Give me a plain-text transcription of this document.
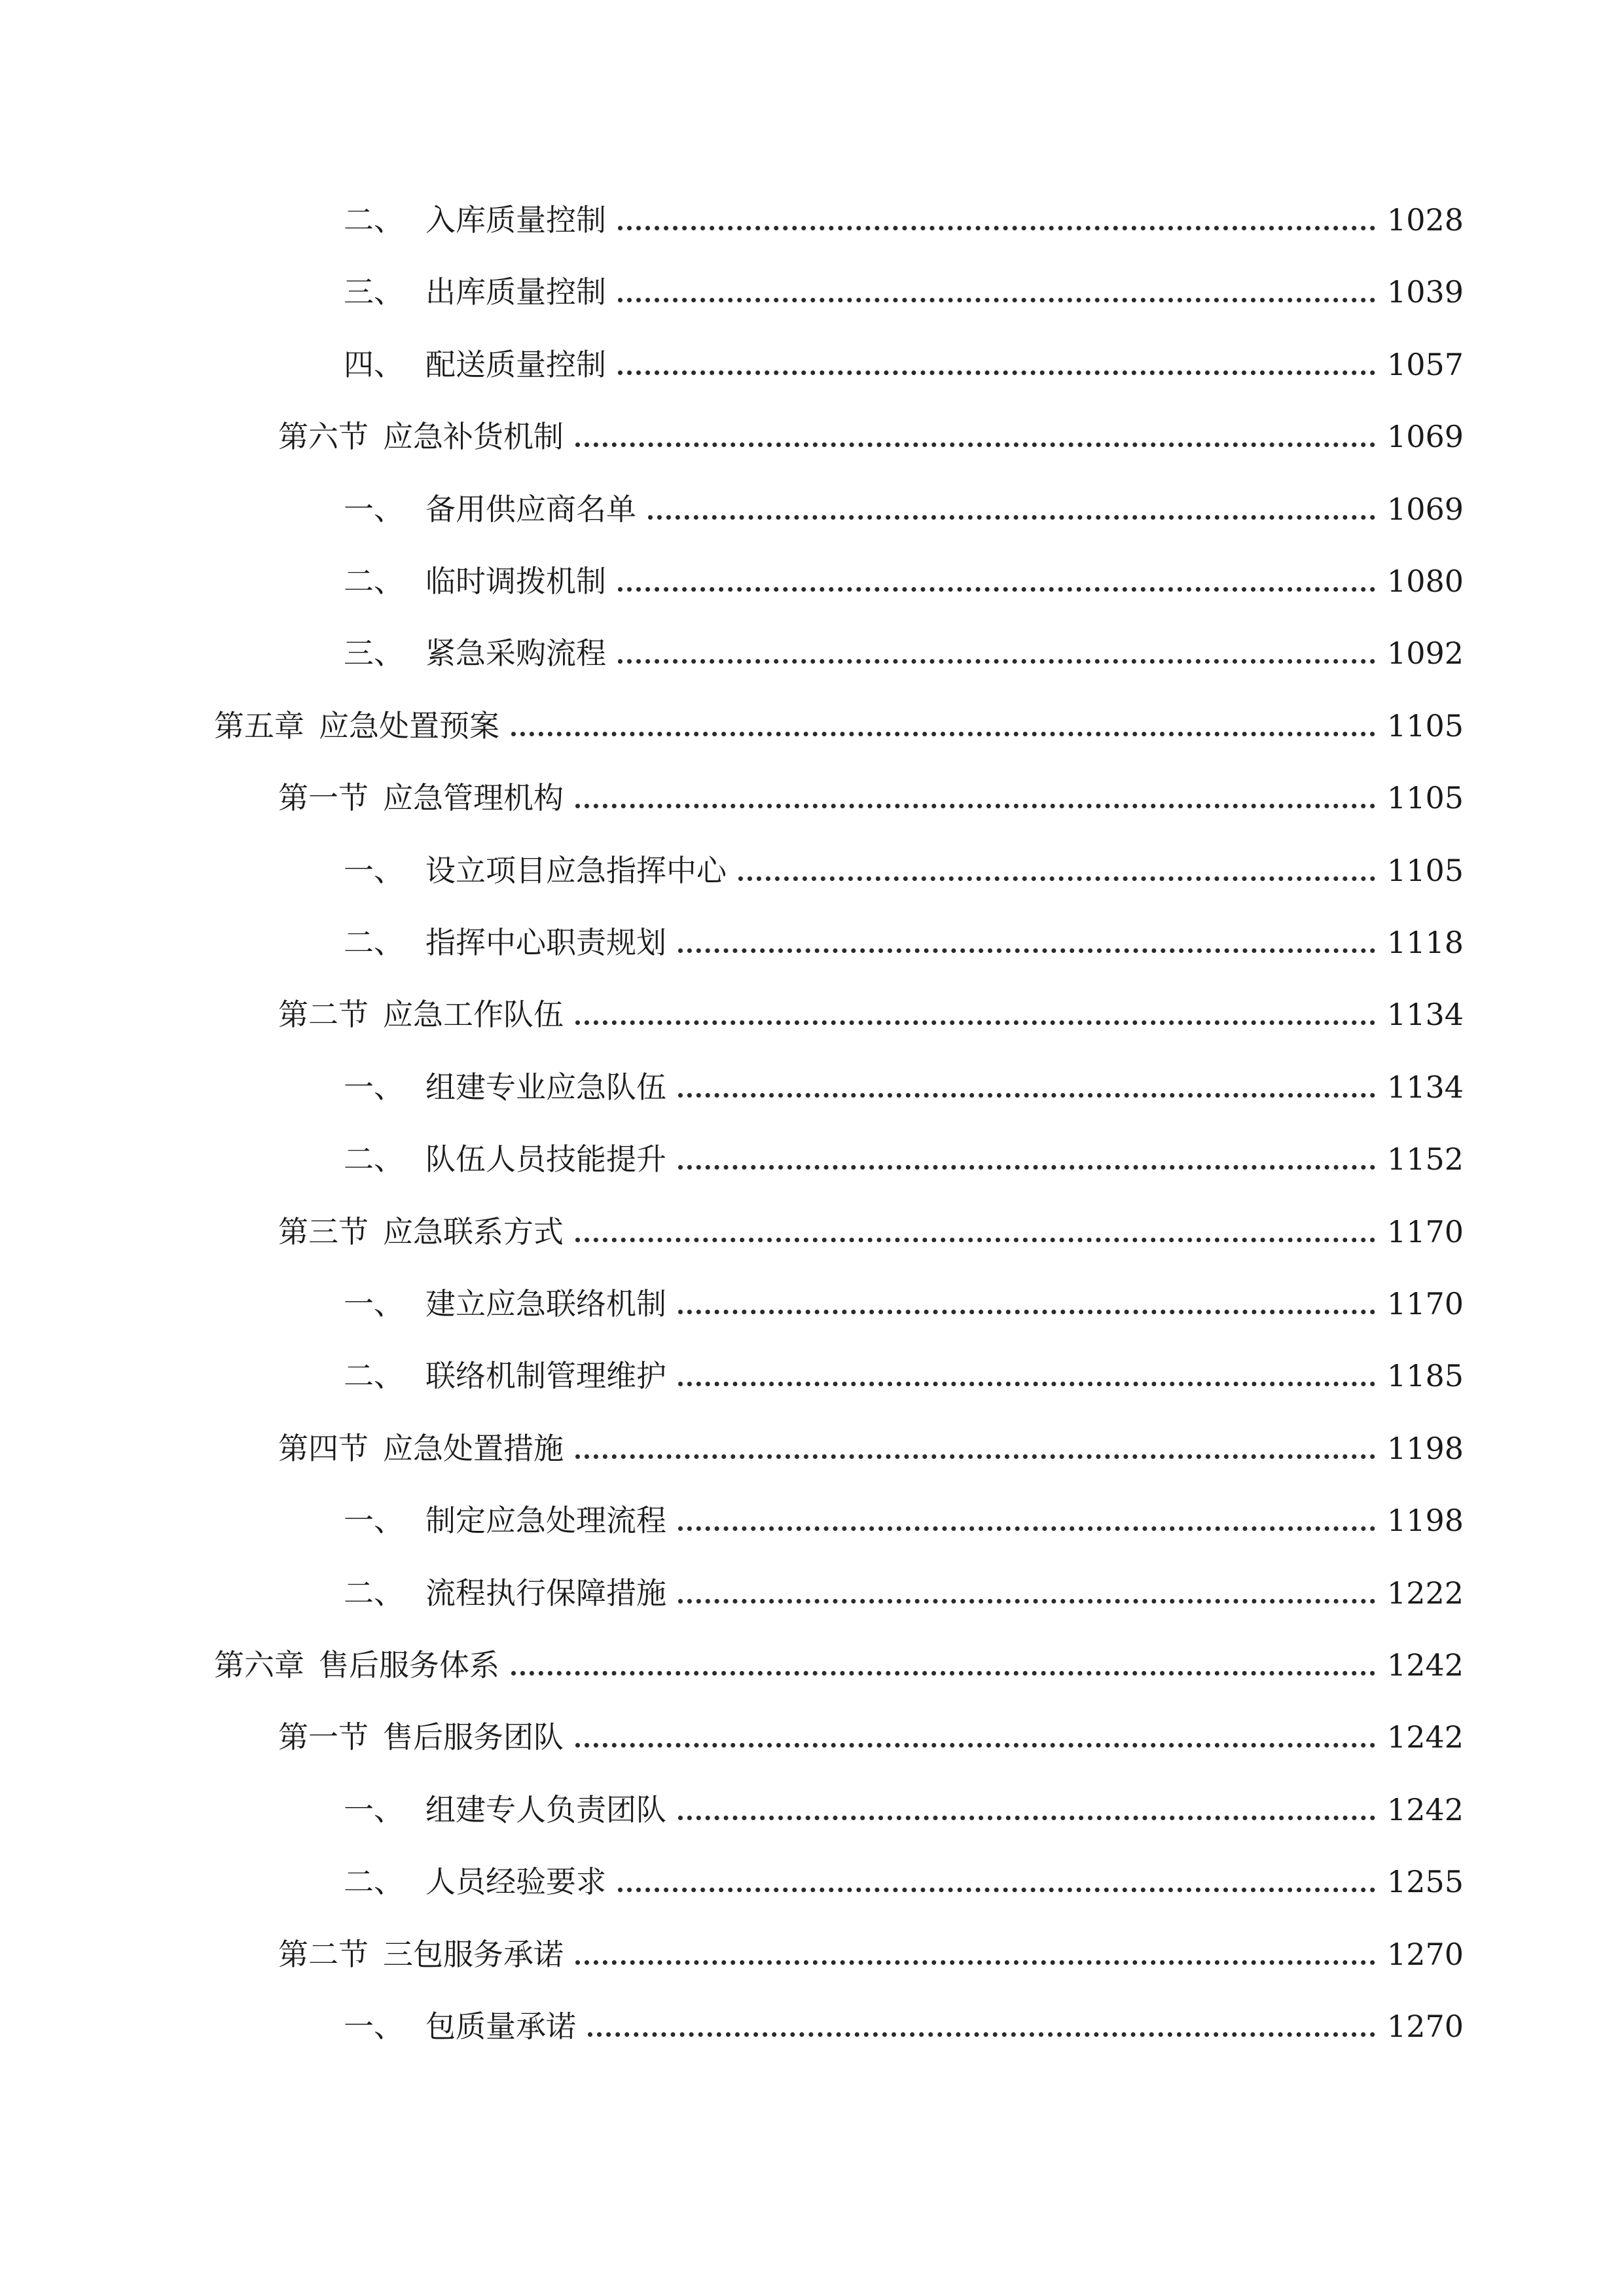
二、 入库质量控制	1028
三、 出库质量控制	1039
四、 配送质量控制	1057
第六节 应急补货机制	1069
一、 备用供应商名单	1069
二、 临时调拨机制	1080
三、 紧急采购流程	1092
第五章 应急处置预案	1105
第一节 应急管理机构	1105
一、 设立项目应急指挥中心	1105
二、 指挥中心职责规划	1118
第二节 应急工作队伍	1134
一、 组建专业应急队伍	1134
二、 队伍人员技能提升	1152
第三节 应急联系方式	1170
一、 建立应急联络机制	1170
二、 联络机制管理维护	1185
第四节 应急处置措施	1198
一、 制定应急处理流程	1198
二、 流程执行保障措施	1222
第六章 售后服务体系	1242
第一节 售后服务团队	1242
一、 组建专人负责团队	1242
二、 人员经验要求	1255
第二节 三包服务承诺	1270
一、 包质量承诺	1270
